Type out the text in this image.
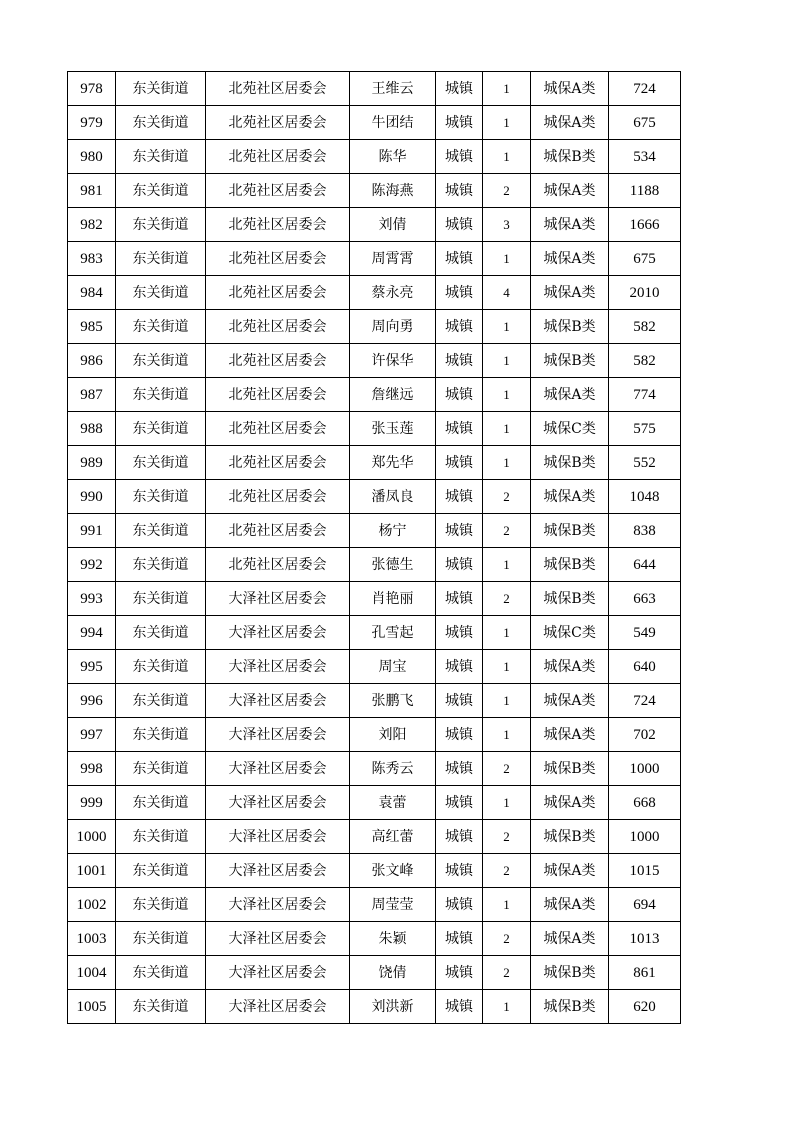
978	东关街道	北苑社区居委会	王维云	城镇	1	城保A类	724
979	东关街道	北苑社区居委会	牛团结	城镇	1	城保A类	675
980	东关街道	北苑社区居委会	陈华	城镇	1	城保B类	534
981	东关街道	北苑社区居委会	陈海燕	城镇	2	城保A类	1188
982	东关街道	北苑社区居委会	刘倩	城镇	3	城保A类	1666
983	东关街道	北苑社区居委会	周霄霄	城镇	1	城保A类	675
984	东关街道	北苑社区居委会	蔡永亮	城镇	4	城保A类	2010
985	东关街道	北苑社区居委会	周向勇	城镇	1	城保B类	582
986	东关街道	北苑社区居委会	许保华	城镇	1	城保B类	582
987	东关街道	北苑社区居委会	詹继远	城镇	1	城保A类	774
988	东关街道	北苑社区居委会	张玉莲	城镇	1	城保C类	575
989	东关街道	北苑社区居委会	郑先华	城镇	1	城保B类	552
990	东关街道	北苑社区居委会	潘凤良	城镇	2	城保A类	1048
991	东关街道	北苑社区居委会	杨宁	城镇	2	城保B类	838
992	东关街道	北苑社区居委会	张德生	城镇	1	城保B类	644
993	东关街道	大泽社区居委会	肖艳丽	城镇	2	城保B类	663
994	东关街道	大泽社区居委会	孔雪起	城镇	1	城保C类	549
995	东关街道	大泽社区居委会	周宝	城镇	1	城保A类	640
996	东关街道	大泽社区居委会	张鹏飞	城镇	1	城保A类	724
997	东关街道	大泽社区居委会	刘阳	城镇	1	城保A类	702
998	东关街道	大泽社区居委会	陈秀云	城镇	2	城保B类	1000
999	东关街道	大泽社区居委会	袁蕾	城镇	1	城保A类	668
1000	东关街道	大泽社区居委会	高红蕾	城镇	2	城保B类	1000
1001	东关街道	大泽社区居委会	张文峰	城镇	2	城保A类	1015
1002	东关街道	大泽社区居委会	周莹莹	城镇	1	城保A类	694
1003	东关街道	大泽社区居委会	朱颖	城镇	2	城保A类	1013
1004	东关街道	大泽社区居委会	饶倩	城镇	2	城保B类	861
1005	东关街道	大泽社区居委会	刘洪新	城镇	1	城保B类	620
